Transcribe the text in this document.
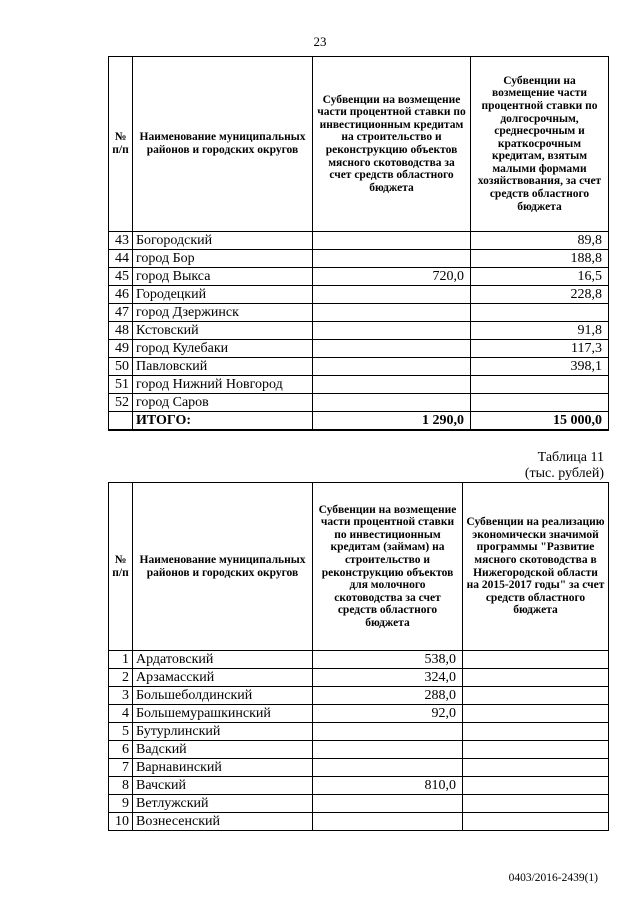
23
№ п/п	Наименование муниципальных районов и городских округов	Субвенции на возмещение части процентной ставки по инвестиционным кредитам на строительство и реконструкцию объектов мясного скотоводства за счет средств областного бюджета	Субвенции на возмещение части процентной ставки по долгосрочным, среднесрочным и краткосрочным кредитам, взятым малыми формами хозяйствования, за счет средств областного бюджета
43	Богородский		89,8
44	город Бор		188,8
45	город Выкса	720,0	16,5
46	Городецкий		228,8
47	город Дзержинск		
48	Кстовский		91,8
49	город Кулебаки		117,3
50	Павловский		398,1
51	город Нижний Новгород		
52	город Саров		
	ИТОГО:	1 290,0	15 000,0
Таблица 11
(тыс. рублей)
№ п/п	Наименование муниципальных районов и городских округов	Субвенции на возмещение части процентной ставки по инвестиционным кредитам (займам) на строительство и реконструкцию объектов для молочного скотоводства за счет средств областного бюджета	Субвенции на реализацию экономически значимой программы "Развитие мясного скотоводства в Нижегородской области на 2015-2017 годы" за счет средств областного бюджета
1	Ардатовский	538,0	
2	Арзамасский	324,0	
3	Большеболдинский	288,0	
4	Большемурашкинский	92,0	
5	Бутурлинский		
6	Вадский		
7	Варнавинский		
8	Вачский	810,0	
9	Ветлужский		
10	Вознесенский		
0403/2016-2439(1)
